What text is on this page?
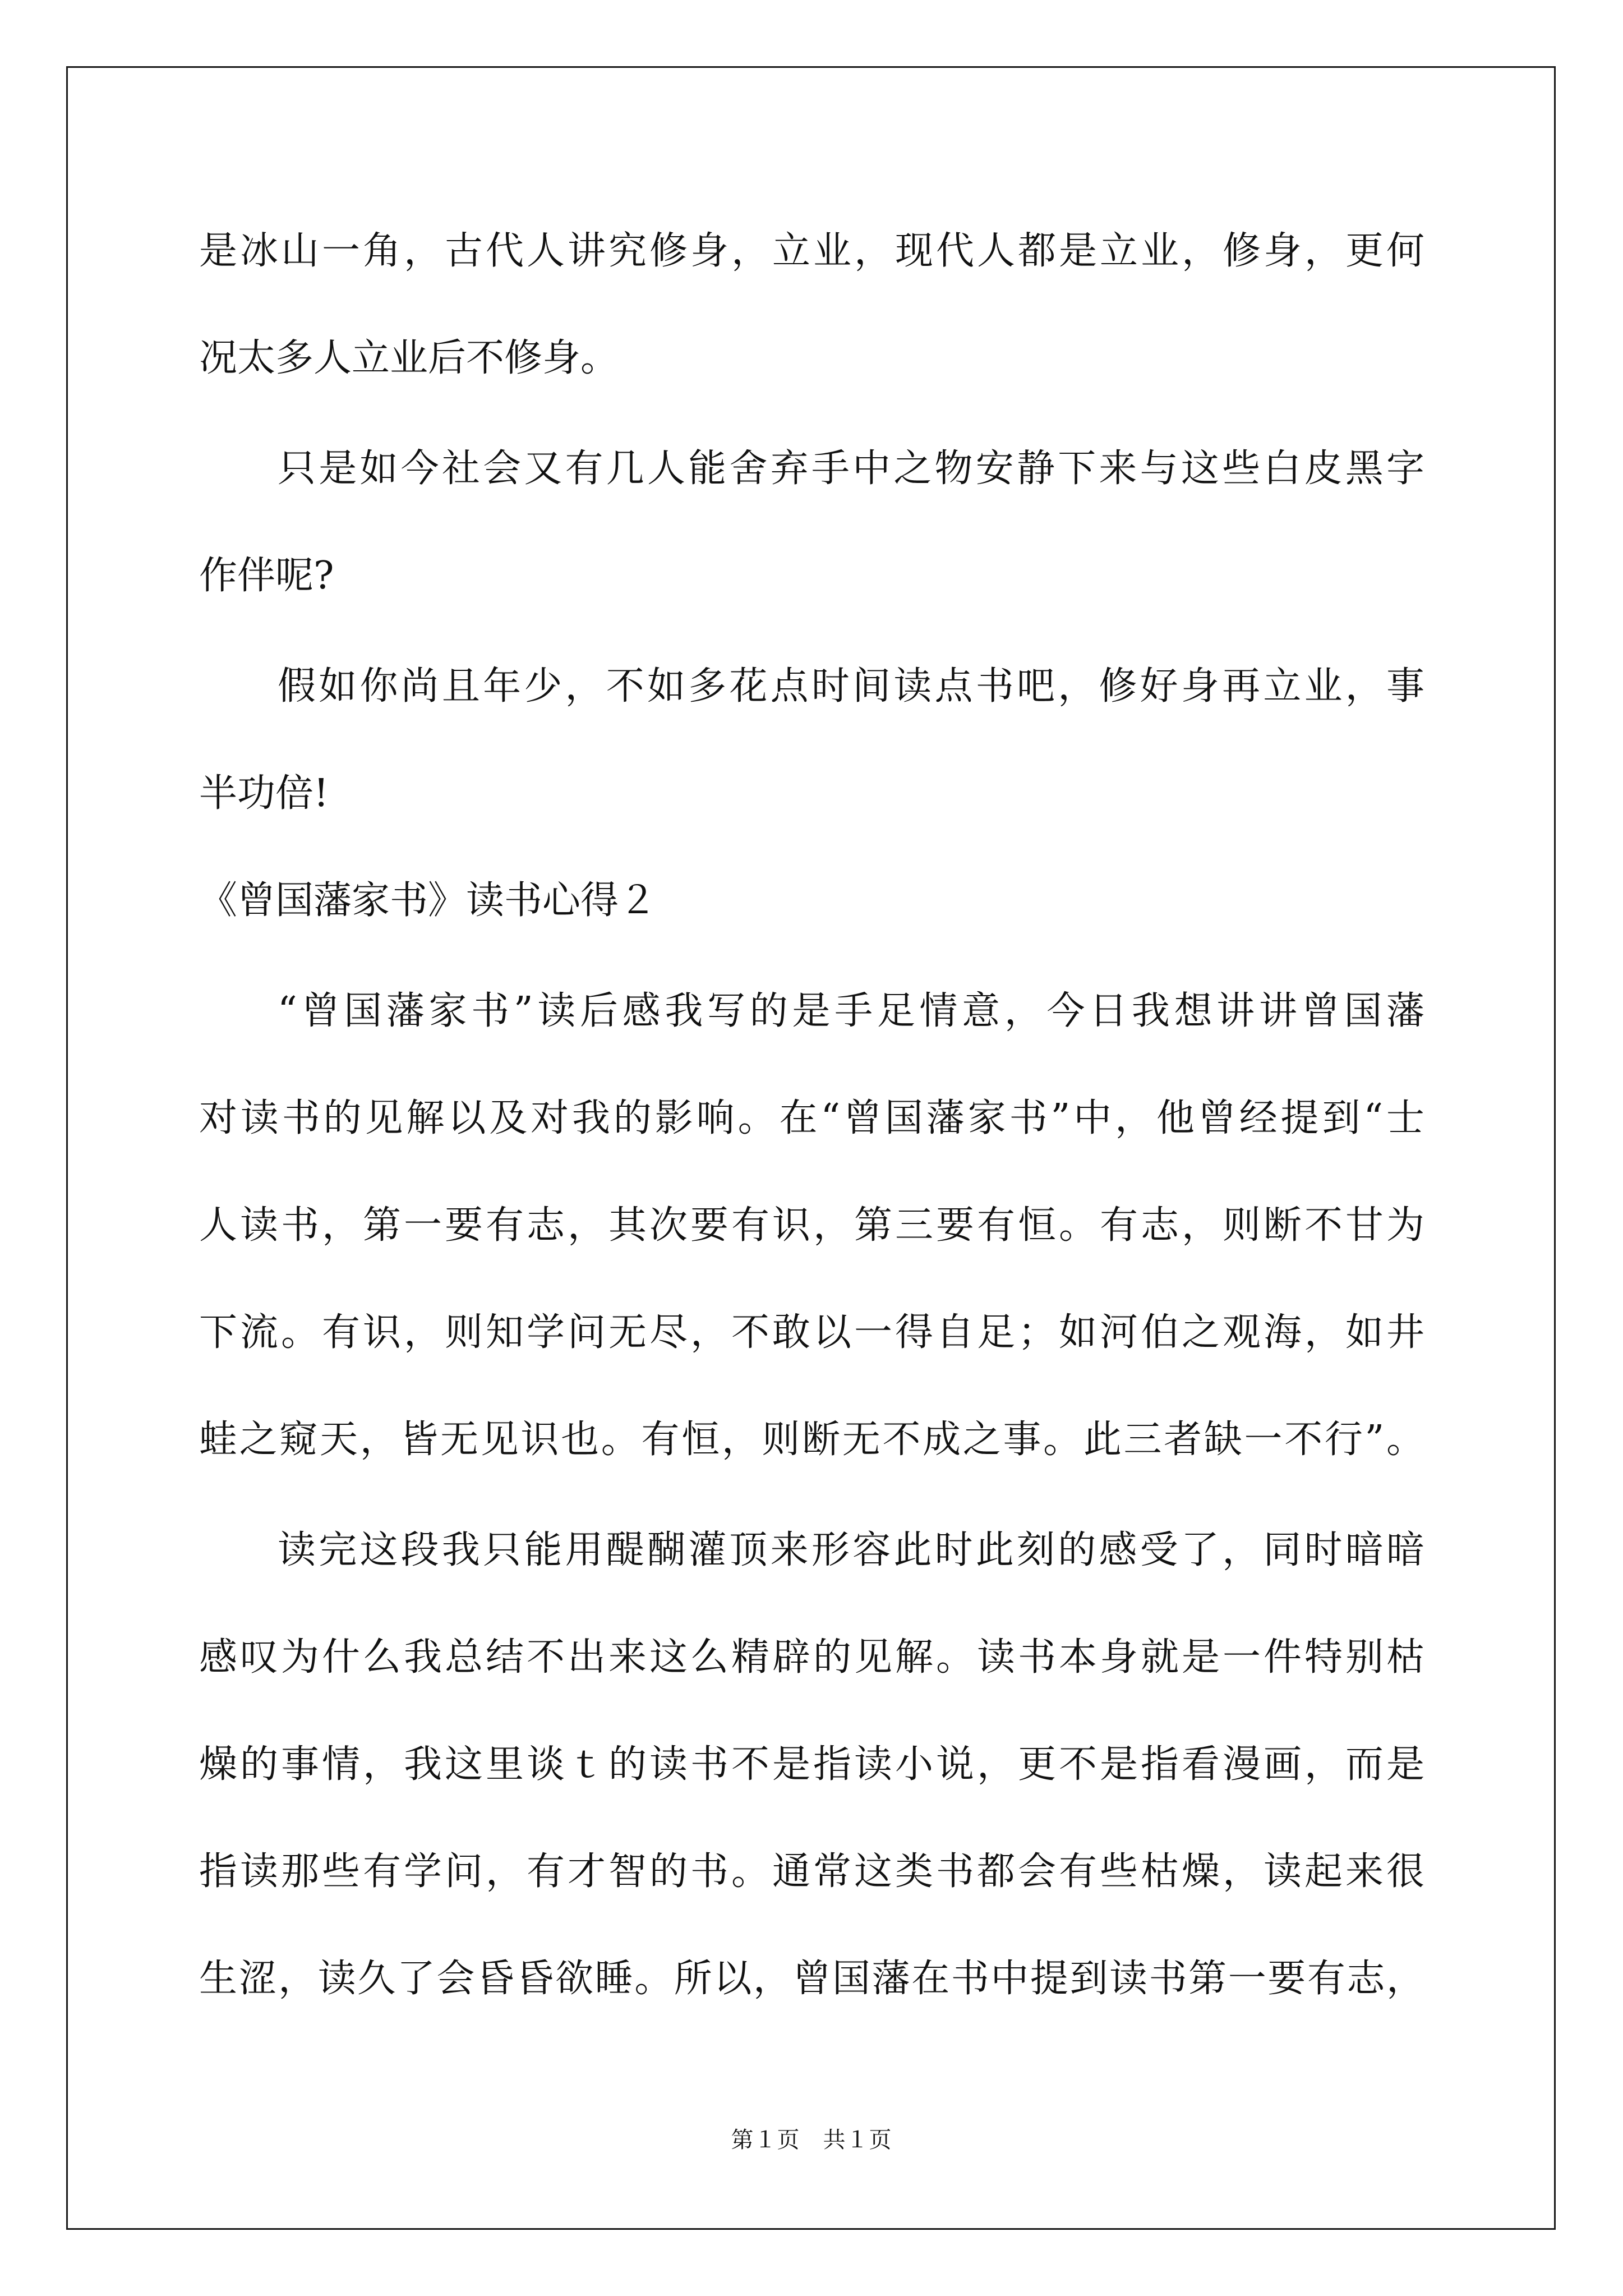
是冰山一角，古代人讲究修身，立业，现代人都是立业，修身，更何
况太多人立业后不修身。
只是如今社会又有几人能舍弃手中之物安静下来与这些白皮黑字
作伴呢?
假如你尚且年少，不如多花点时间读点书吧，修好身再立业，事
半功倍!
《曾国藩家书》读书心得２
“曾国藩家书”读后感我写的是手足情意，今日我想讲讲曾国藩
对读书的见解以及对我的影响。在“曾国藩家书”中，他曾经提到“士
人读书，第一要有志，其次要有识，第三要有恒。有志，则断不甘为
下流。有识，则知学问无尽，不敢以一得自足；如河伯之观海，如井
蛙之窥天，皆无见识也。有恒，则断无不成之事。此三者缺一不行”。
读完这段我只能用醍醐灌顶来形容此时此刻的感受了，同时暗暗
感叹为什么我总结不出来这么精辟的见解。读书本身就是一件特别枯
燥的事情，我这里谈ｔ的读书不是指读小说，更不是指看漫画，而是
指读那些有学问，有才智的书。通常这类书都会有些枯燥，读起来很
生涩，读久了会昏昏欲睡。所以，曾国藩在书中提到读书第一要有志，
第１页　共１页
